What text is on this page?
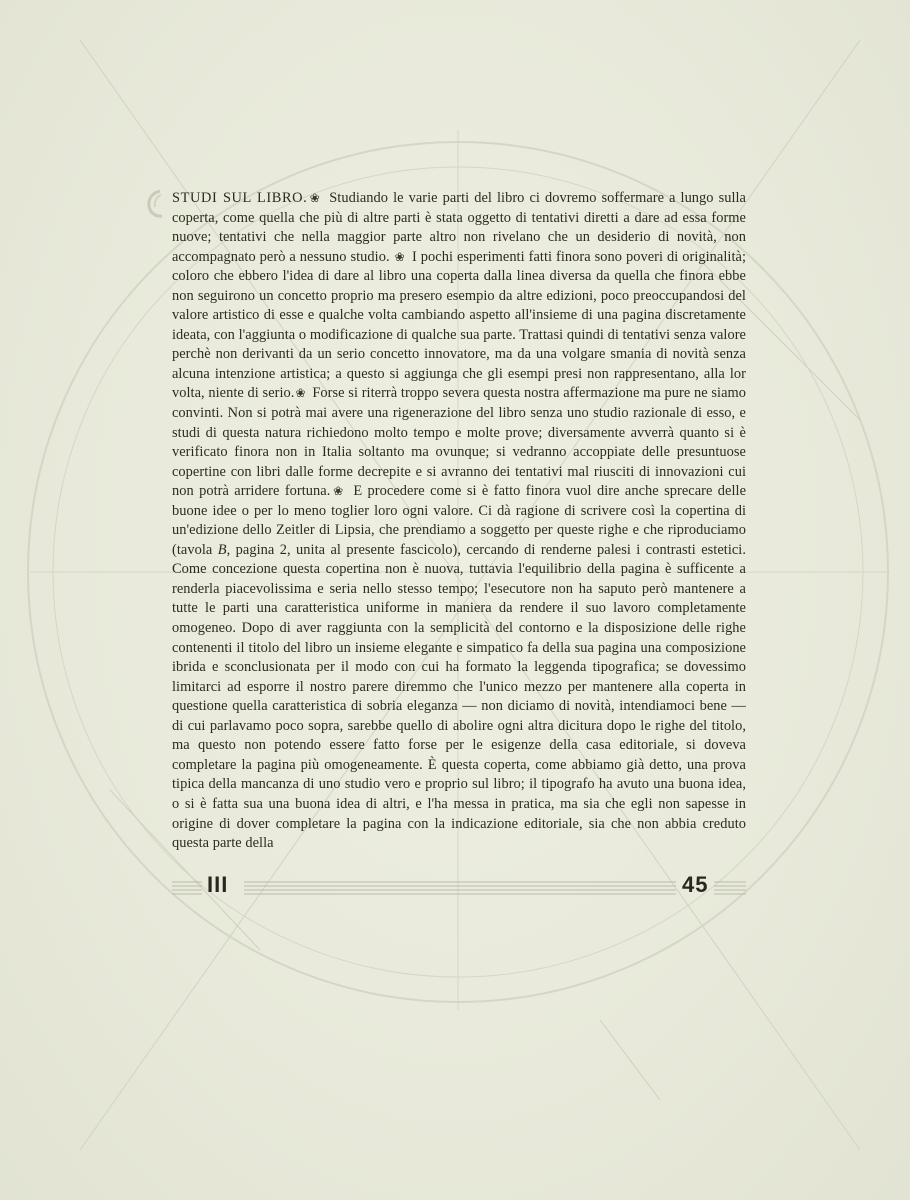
STUDI SUL LIBRO.❀ Studiando le varie parti del libro ci dovremo soffermare a lungo sulla coperta, come quella che più di altre parti è stata oggetto di tentativi diretti a dare ad essa forme nuove; tentativi che nella maggior parte altro non rivelano che un desiderio di novità, non accompagnato però a nessuno studio. ❀ I pochi esperimenti fatti finora sono poveri di originalità; coloro che ebbero l'idea di dare al libro una coperta dalla linea diversa da quella che finora ebbe non seguirono un concetto proprio ma presero esempio da altre edizioni, poco preoccupandosi del valore artistico di esse e qualche volta cambiando aspetto all'insieme di una pagina discretamente ideata, con l'aggiunta o modificazione di qualche sua parte. Trattasi quindi di tentativi senza valore perchè non derivanti da un serio concetto innovatore, ma da una volgare smania di novità senza alcuna intenzione artistica; a questo si aggiunga che gli esempi presi non rappresentano, alla lor volta, niente di serio.❀ Forse si riterrà troppo severa questa nostra affermazione ma pure ne siamo convinti. Non si potrà mai avere una rigenerazione del libro senza uno studio razionale di esso, e studi di questa natura richiedono molto tempo e molte prove; diversamente avverrà quanto si è verificato finora non in Italia soltanto ma ovunque; si vedranno accoppiate delle presuntuose copertine con libri dalle forme decrepite e si avranno dei tentativi mal riusciti di innovazioni cui non potrà arridere fortuna.❀ E procedere come si è fatto finora vuol dire anche sprecare delle buone idee o per lo meno toglier loro ogni valore. Ci dà ragione di scrivere così la copertina di un'edizione dello Zeitler di Lipsia, che prendiamo a soggetto per queste righe e che riproduciamo (tavola B, pagina 2, unita al presente fascicolo), cercando di renderne palesi i contrasti estetici. Come concezione questa copertina non è nuova, tuttavia l'equilibrio della pagina è sufficente a renderla piacevolissima e seria nello stesso tempo; l'esecutore non ha saputo però mantenere a tutte le parti una caratteristica uniforme in maniera da rendere il suo lavoro completamente omogeneo. Dopo di aver raggiunta con la semplicità del contorno e la disposizione delle righe contenenti il titolo del libro un insieme elegante e simpatico fa della sua pagina una composizione ibrida e sconclusionata per il modo con cui ha formato la leggenda tipografica; se dovessimo limitarci ad esporre il nostro parere diremmo che l'unico mezzo per mantenere alla coperta in questione quella caratteristica di sobria eleganza — non diciamo di novità, intendiamoci bene — di cui parlavamo poco sopra, sarebbe quello di abolire ogni altra dicitura dopo le righe del titolo, ma questo non potendo essere fatto forse per le esigenze della casa editoriale, si doveva completare la pagina più omogeneamente. È questa coperta, come abbiamo già detto, una prova tipica della mancanza di uno studio vero e proprio sul libro; il tipografo ha avuto una buona idea, o si è fatta sua una buona idea di altri, e l'ha messa in pratica, ma sia che egli non sapesse in origine di dover completare la pagina con la indicazione editoriale, sia che non abbia creduto questa parte della

III	45
